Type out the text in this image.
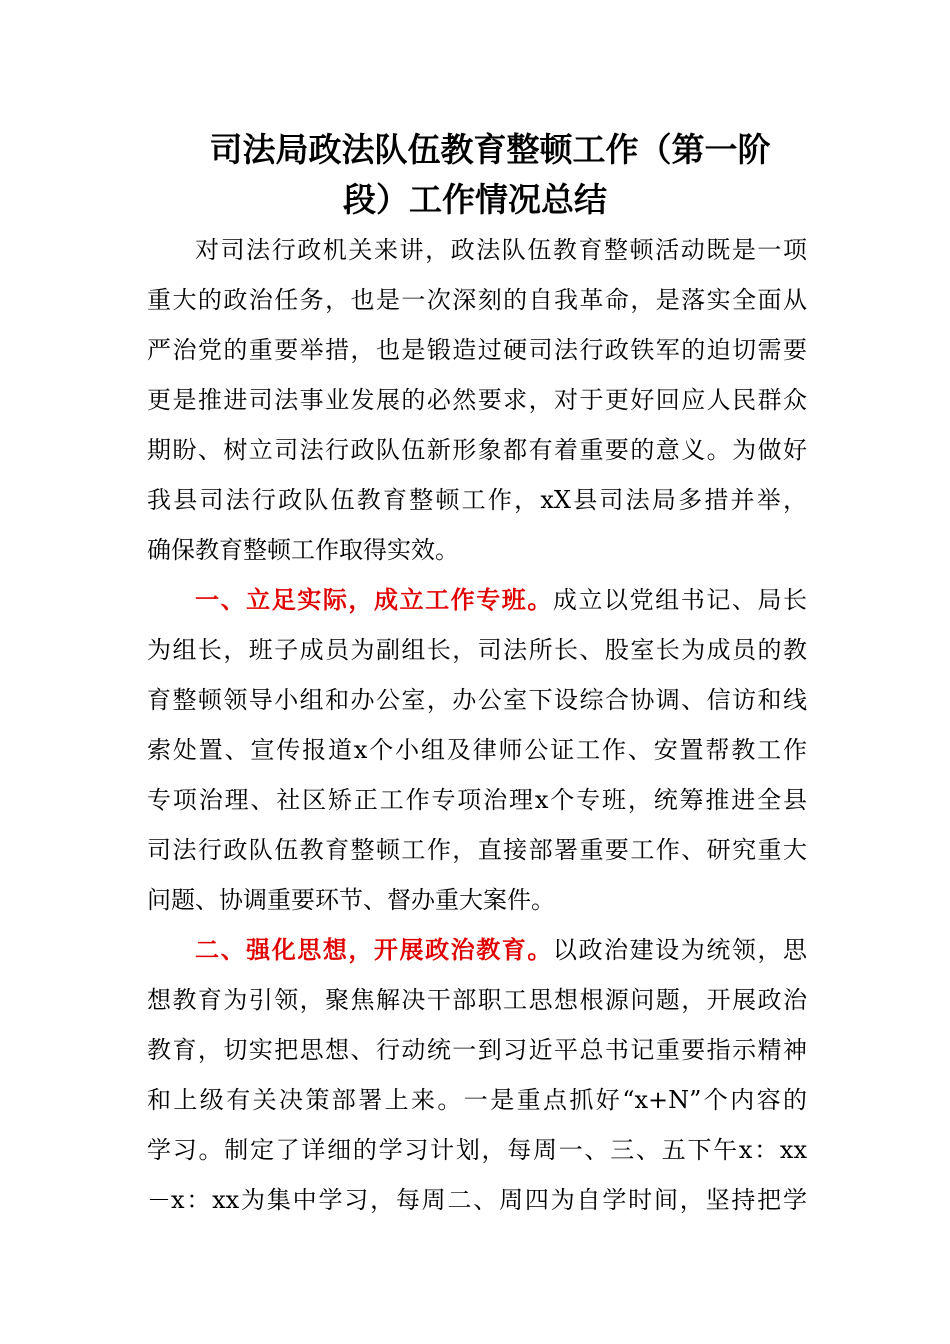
司法局政法队伍教育整顿工作（第一阶
段）工作情况总结
对司法行政机关来讲，政法队伍教育整顿活动既是一项
重大的政治任务，也是一次深刻的自我革命，是落实全面从
严治党的重要举措，也是锻造过硬司法行政铁军的迫切需要
更是推进司法事业发展的必然要求，对于更好回应人民群众
期盼、树立司法行政队伍新形象都有着重要的意义。为做好
我县司法行政队伍教育整顿工作，xX县司法局多措并举，
确保教育整顿工作取得实效。
一、立足实际，成立工作专班。成立以党组书记、局长
为组长，班子成员为副组长，司法所长、股室长为成员的教
育整顿领导小组和办公室，办公室下设综合协调、信访和线
索处置、宣传报道x个小组及律师公证工作、安置帮教工作
专项治理、社区矫正工作专项治理x个专班，统筹推进全县
司法行政队伍教育整顿工作，直接部署重要工作、研究重大
问题、协调重要环节、督办重大案件。
二、强化思想，开展政治教育。以政治建设为统领，思
想教育为引领，聚焦解决干部职工思想根源问题，开展政治
教育，切实把思想、行动统一到习近平总书记重要指示精神
和上级有关决策部署上来。一是重点抓好“x+N”个内容的
学习。制定了详细的学习计划，每周一、三、五下午x：xx
－x：xx为集中学习，每周二、周四为自学时间，坚持把学
